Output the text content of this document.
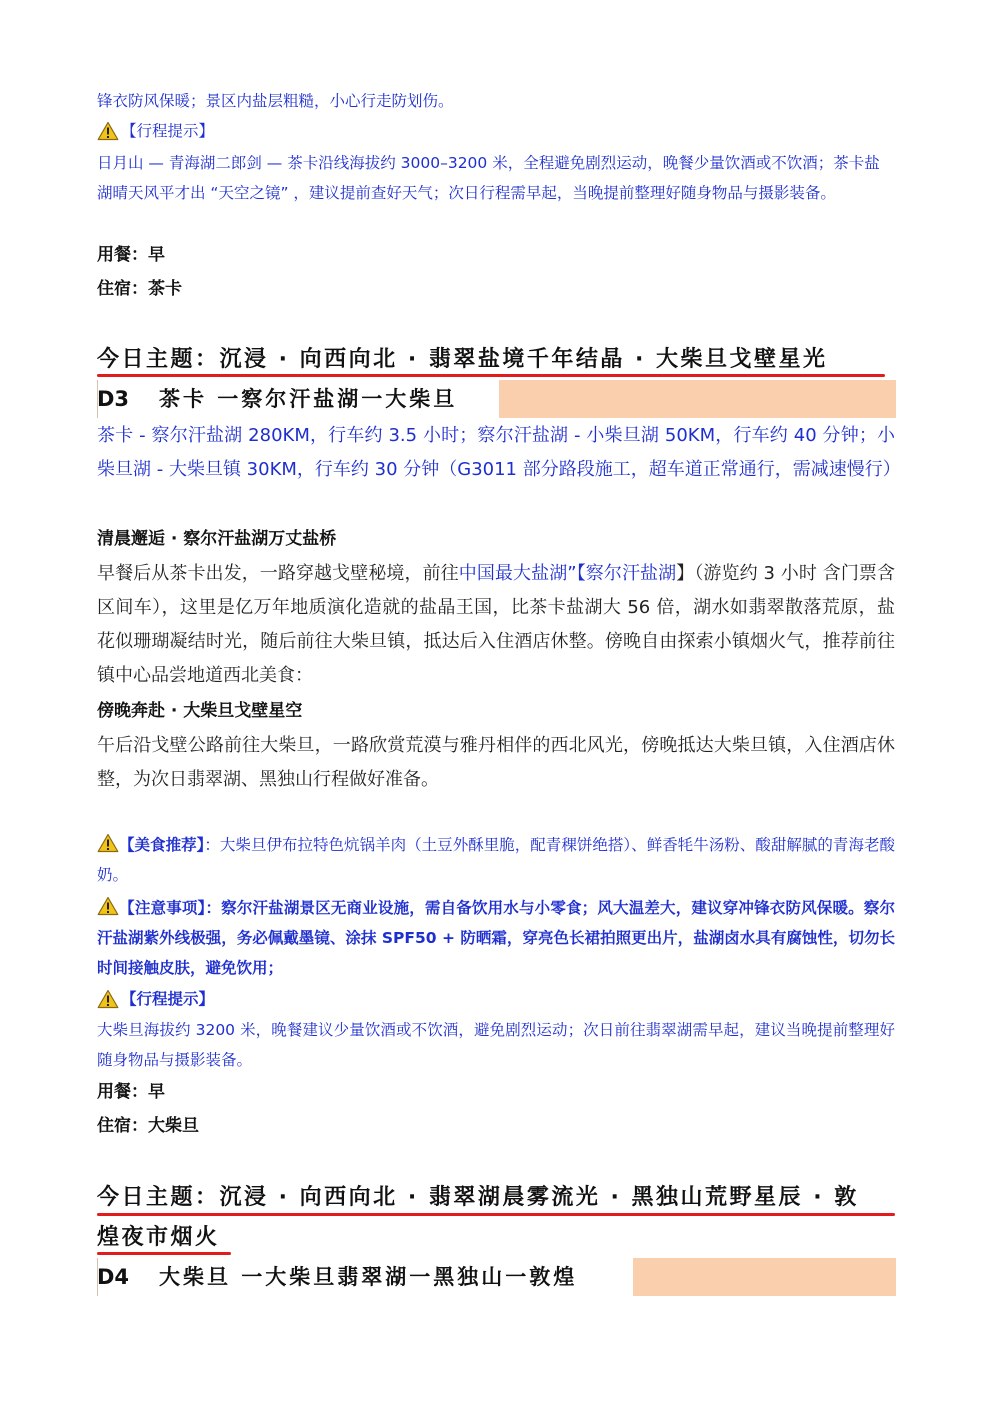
锋衣防风保暖；景区内盐层粗糙，小心行走防划伤。
【行程提示】
日月山 — 青海湖二郎剑 — 茶卡沿线海拔约 3000–3200 米，全程避免剧烈运动，晚餐少量饮酒或不饮酒；茶卡盐湖晴天风平才出 “天空之镜” ，建议提前查好天气；次日行程需早起，当晚提前整理好随身物品与摄影装备。
用餐：早
住宿：茶卡
今日主题：沉浸 · 向西向北 · 翡翠盐境千年结晶 · 大柴旦戈壁星光
D3 茶卡 一察尔汗盐湖一大柴旦
茶卡 - 察尔汗盐湖 280KM，行车约 3.5 小时；察尔汗盐湖 - 小柴旦湖 50KM，行车约 40 分钟；小柴旦湖 - 大柴旦镇 30KM，行车约 30 分钟（G3011 部分路段施工，超车道正常通行，需减速慢行）
清晨邂逅 · 察尔汗盐湖万丈盐桥
早餐后从茶卡出发，一路穿越戈壁秘境，前往中国最大盐湖”【察尔汗盐湖】（游览约 3 小时 含门票含区间车），这里是亿万年地质演化造就的盐晶王国，比茶卡盐湖大 56 倍，湖水如翡翠散落荒原，盐花似珊瑚凝结时光，随后前往大柴旦镇，抵达后入住酒店休整。傍晚自由探索小镇烟火气，推荐前往镇中心品尝地道西北美食：
傍晚奔赴 · 大柴旦戈壁星空
午后沿戈壁公路前往大柴旦，一路欣赏荒漠与雅丹相伴的西北风光，傍晚抵达大柴旦镇，入住酒店休整，为次日翡翠湖、黑独山行程做好准备。
【美食推荐】：大柴旦伊布拉特色炕锅羊肉（土豆外酥里脆，配青稞饼绝搭）、鲜香牦牛汤粉、酸甜解腻的青海老酸奶。
【注意事项】：察尔汗盐湖景区无商业设施，需自备饮用水与小零食；风大温差大，建议穿冲锋衣防风保暖。察尔汗盐湖紫外线极强，务必佩戴墨镜、涂抹 SPF50 + 防晒霜，穿亮色长裙拍照更出片，盐湖卤水具有腐蚀性，切勿长时间接触皮肤，避免饮用；
【行程提示】
大柴旦海拔约 3200 米，晚餐建议少量饮酒或不饮酒，避免剧烈运动；次日前往翡翠湖需早起，建议当晚提前整理好随身物品与摄影装备。
用餐：早
住宿：大柴旦
今日主题：沉浸 · 向西向北 · 翡翠湖晨雾流光 · 黑独山荒野星辰 · 敦
煌夜市烟火
D4 大柴旦 一大柴旦翡翠湖一黑独山一敦煌
